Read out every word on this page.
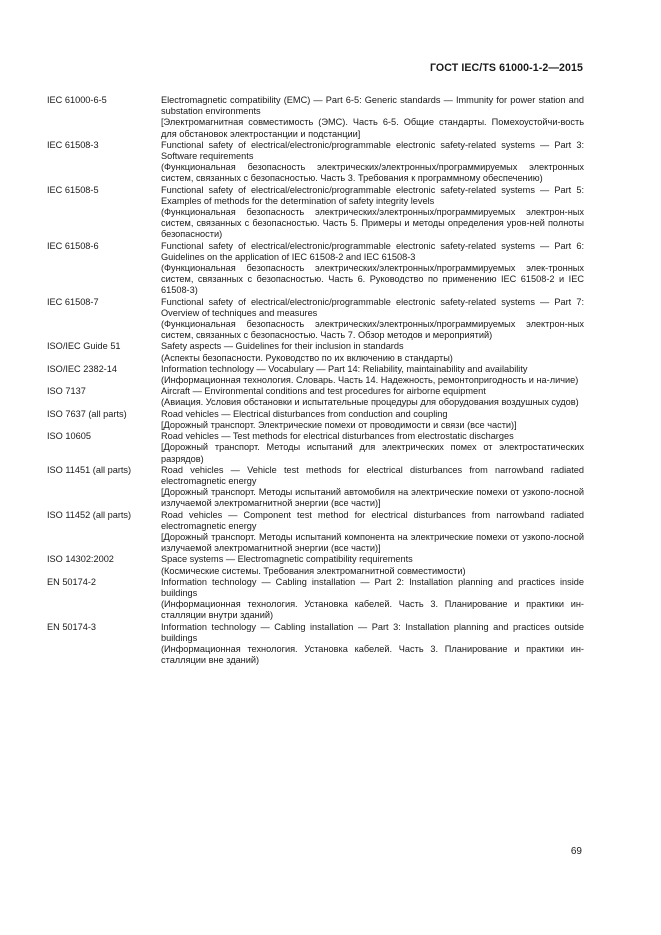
ГОСТ IEC/TS 61000-1-2—2015
IEC 61000-6-5	Electromagnetic compatibility (EMC) — Part 6-5: Generic standards — Immunity for power station and substation environments
[Электромагнитная совместимость (ЭМС). Часть 6-5. Общие стандарты. Помехоустойчи-вость для обстановок электростанции и подстанции]
IEC 61508-3	Functional safety of electrical/electronic/programmable electronic safety-related systems — Part 3: Software requirements
(Функциональная безопасность электрических/электронных/программируемых электронных систем, связанных с безопасностью. Часть 3. Требования к программному обеспечению)
IEC 61508-5	Functional safety of electrical/electronic/programmable electronic safety-related systems — Part 5: Examples of methods for the determination of safety integrity levels
(Функциональная безопасность электрических/электронных/программируемых электрон-ных систем, связанных с безопасностью. Часть 5. Примеры и методы определения уров-ней полноты безопасности)
IEC 61508-6	Functional safety of electrical/electronic/programmable electronic safety-related systems — Part 6: Guidelines on the application of IEC 61508-2 and IEC 61508-3
(Функциональная безопасность электрических/электронных/программируемых элек-тронных систем, связанных с безопасностью. Часть 6. Руководство по применению IEC 61508-2 и IEC 61508-3)
IEC 61508-7	Functional safety of electrical/electronic/programmable electronic safety-related systems — Part 7: Overview of techniques and measures
(Функциональная безопасность электрических/электронных/программируемых электрон-ных систем, связанных с безопасностью. Часть 7. Обзор методов и мероприятий)
ISO/IEC Guide 51	Safety aspects — Guidelines for their inclusion in standards
(Аспекты безопасности. Руководство по их включению в стандарты)
ISO/IEC 2382-14	Information technology — Vocabulary — Part 14: Reliability, maintainability and availability
(Информационная технология. Словарь. Часть 14. Надежность, ремонтопригодность и на-личие)
ISO 7137	Aircraft — Environmental conditions and test procedures for airborne equipment
(Авиация. Условия обстановки и испытательные процедуры для оборудования воздушных судов)
ISO 7637 (all parts)	Road vehicles — Electrical disturbances from conduction and coupling
[Дорожный транспорт. Электрические помехи от проводимости и связи (все части)]
ISO 10605	Road vehicles — Test methods for electrical disturbances from electrostatic discharges
[Дорожный транспорт. Методы испытаний для электрических помех от электростатических разрядов)
ISO 11451 (all parts)	Road vehicles — Vehicle test methods for electrical disturbances from narrowband radiated electromagnetic energy
[Дорожный транспорт. Методы испытаний автомобиля на электрические помехи от узкопо-лосной излучаемой электромагнитной энергии (все части)]
ISO 11452 (all parts)	Road vehicles — Component test method for electrical disturbances from narrowband radiated electromagnetic energy
[Дорожный транспорт. Методы испытаний компонента на электрические помехи от узкопо-лосной излучаемой электромагнитной энергии (все части)]
ISO 14302:2002	Space systems — Electromagnetic compatibility requirements
(Космические системы. Требования электромагнитной совместимости)
EN 50174-2	Information technology — Cabling installation — Part 2: Installation planning and practices inside buildings
(Информационная технология. Установка кабелей. Часть 3. Планирование и практики ин-сталляции внутри зданий)
EN 50174-3	Information technology — Cabling installation — Part 3: Installation planning and practices outside buildings
(Информационная технология. Установка кабелей. Часть 3. Планирование и практики ин-сталляции вне зданий)
69
